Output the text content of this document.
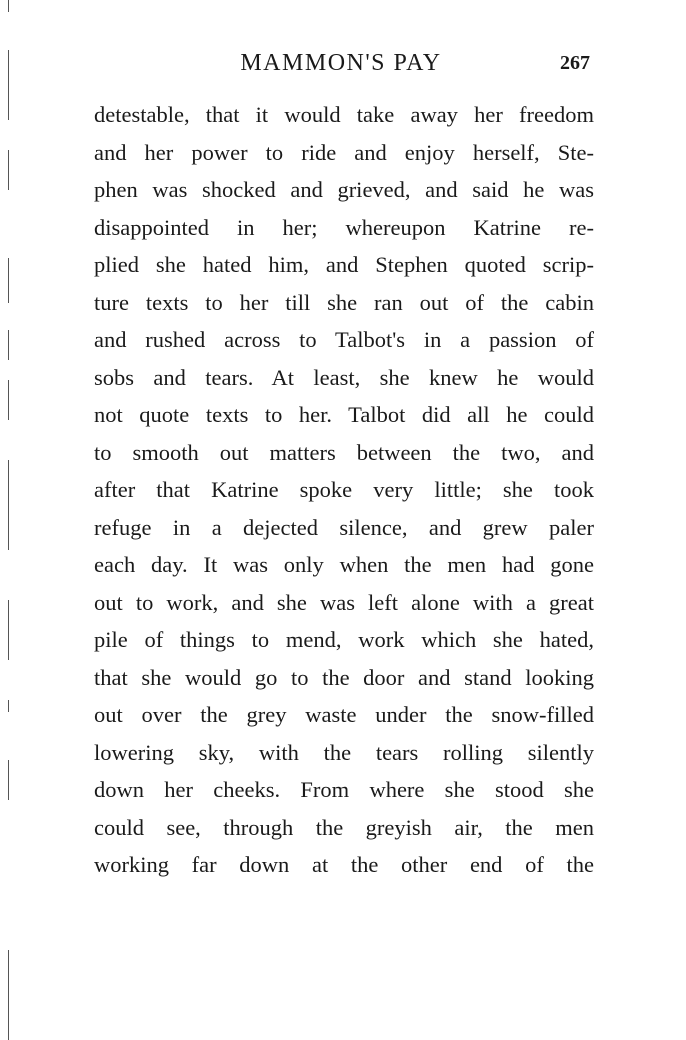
MAMMON'S PAY	267
detestable, that it would take away her freedom
and her power to ride and enjoy herself, Ste-
phen was shocked and grieved, and said he was
disappointed in her; whereupon Katrine re-
plied she hated him, and Stephen quoted scrip-
ture texts to her till she ran out of the cabin
and rushed across to Talbot's in a passion of
sobs and tears. At least, she knew he would
not quote texts to her. Talbot did all he could
to smooth out matters between the two, and
after that Katrine spoke very little; she took
refuge in a dejected silence, and grew paler
each day. It was only when the men had gone
out to work, and she was left alone with a great
pile of things to mend, work which she hated,
that she would go to the door and stand looking
out over the grey waste under the snow-filled
lowering sky, with the tears rolling silently
down her cheeks. From where she stood she
could see, through the greyish air, the men
working far down at the other end of the
